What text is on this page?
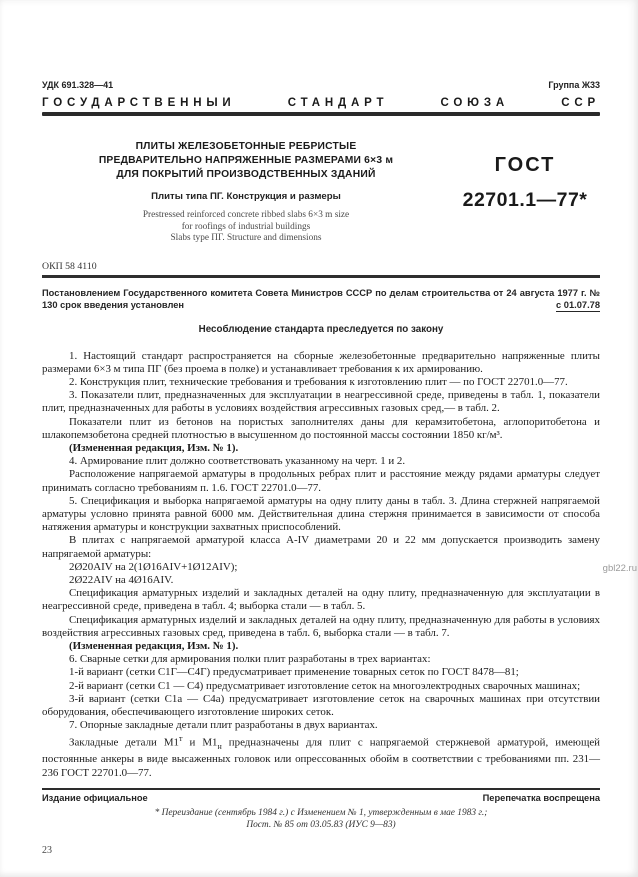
УДК 691.328—41	Группа Ж33
ГОСУДАРСТВЕННЫЙ СТАНДАРТ СОЮЗА ССР
ПЛИТЫ ЖЕЛЕЗОБЕТОННЫЕ РЕБРИСТЫЕ
ПРЕДВАРИТЕЛЬНО НАПРЯЖЕННЫЕ РАЗМЕРАМИ 6×3 м
ДЛЯ ПОКРЫТИЙ ПРОИЗВОДСТВЕННЫХ ЗДАНИЙ
Плиты типа ПГ. Конструкция и размеры
Prestressed reinforced concrete ribbed slabs 6×3 m size
for roofings of industrial buildings
Slabs type ПГ. Structure and dimensions
ГОСТ
22701.1—77*
ОКП 58 4110
Постановлением Государственного комитета Совета Министров СССР по делам строительства от 24 августа 1977 г. № 130 срок введения установлен	с 01.07.78
Несоблюдение стандарта преследуется по закону

1. Настоящий стандарт распространяется на сборные железобетонные предварительно напряженные плиты размерами 6×3 м типа ПГ (без проема в полке) и устанавливает требования к их армированию.

2. Конструкция плит, технические требования и требования к изготовлению плит — по ГОСТ 22701.0—77.

3. Показатели плит, предназначенных для эксплуатации в неагрессивной среде, приведены в табл. 1, показатели плит, предназначенных для работы в условиях воздействия агрессивных газовых сред,— в табл. 2.

Показатели плит из бетонов на пористых заполнителях даны для керамзитобетона, аглопоритобетона и шлакопемзобетона средней плотностью в высушенном до постоянной массы состоянии 1850 кг/м³.

(Измененная редакция, Изм. № 1).

4. Армирование плит должно соответствовать указанному на черт. 1 и 2.

Расположение напрягаемой арматуры в продольных ребрах плит и расстояние между рядами арматуры следует принимать согласно требованиям п. 1.6. ГОСТ 22701.0—77.

5. Спецификация и выборка напрягаемой арматуры на одну плиту даны в табл. 3. Длина стержней напрягаемой арматуры условно принята равной 6000 мм. Действительная длина стержня принимается в зависимости от способа натяжения арматуры и конструкции захватных приспособлений.

В плитах с напрягаемой арматурой класса А-IV диаметрами 20 и 22 мм допускается производить замену напрягаемой арматуры:

2Ø20АIV на 2(1Ø16АIV+1Ø12АIV);

2Ø22АIV на 4Ø16АIV.

Спецификация арматурных изделий и закладных деталей на одну плиту, предназначенную для эксплуатации в неагрессивной среде, приведена в табл. 4; выборка стали — в табл. 5.

Спецификация арматурных изделий и закладных деталей на одну плиту, предназначенную для работы в условиях воздействия агрессивных газовых сред, приведена в табл. 6, выборка стали — в табл. 7.

(Измененная редакция, Изм. № 1).

6. Сварные сетки для армирования полки плит разработаны в трех вариантах:

1-й вариант (сетки С1Г—С4Г) предусматривает применение товарных сеток по ГОСТ 8478—81;

2-й вариант (сетки С1 — С4) предусматривает изготовление сеток на многоэлектродных сварочных машинах;

3-й вариант (сетки С1а — С4а) предусматривает изготовление сеток на сварочных машинах при отсутствии оборудования, обеспечивающего изготовление широких сеток.

7. Опорные закладные детали плит разработаны в двух вариантах.

Закладные детали $М1^т$ и $М1_н$ предназначены для плит с напрягаемой стержневой арматурой, имеющей постоянные анкеры в виде высаженных головок или опрессованных обойм в соответствии с требованиями пп. 231—236 ГОСТ 22701.0—77.

Издание официальное	Перепечатка воспрещена
* Переиздание (сентябрь 1984 г.) с Изменением № 1, утвержденным в мае 1983 г.;
Пост. № 85 от 03.05.83 (ИУС 9—83)
23
gbl22.ru
